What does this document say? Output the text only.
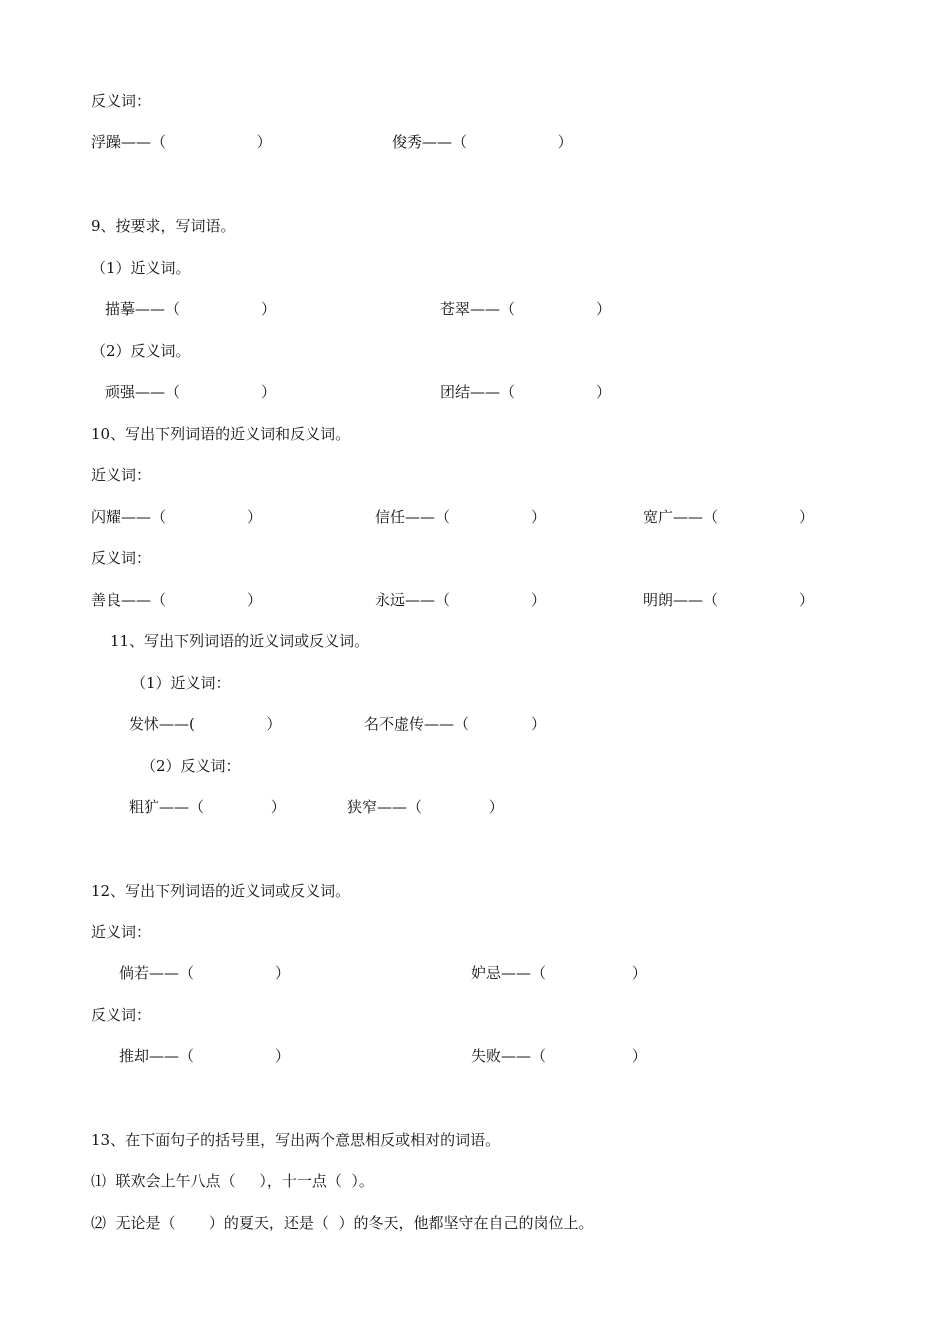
反义词：
浮躁——（                   ）	俊秀——（                   ）
9、按要求，写词语。
（1）近义词。
描摹——（                 ）	苍翠——（                 ）
（2）反义词。
顽强——（                 ）	团结——（                 ）
10、写出下列词语的近义词和反义词。
近义词：
闪耀——（                 ）	信任——（                 ）	宽广——（                 ）
反义词：
善良——（                 ）	永远——（                 ）	明朗——（                 ）
11、写出下列词语的近义词或反义词。
（1）近义词：
发怵——(               ）	名不虚传——（             ）
（2）反义词：
粗犷——（              ）	狭窄——（              ）
12、写出下列词语的近义词或反义词。
近义词：
倘若——（                 ）	妒忌——（                  ）
反义词：
推却——（                 ）	失败——（                  ）
13、在下面句子的括号里，写出两个意思相反或相对的词语。
⑴  联欢会上午八点（     ），十一点（  ）。
⑵  无论是（       ）的夏天，还是（  ）的冬天，他都坚守在自己的岗位上。
